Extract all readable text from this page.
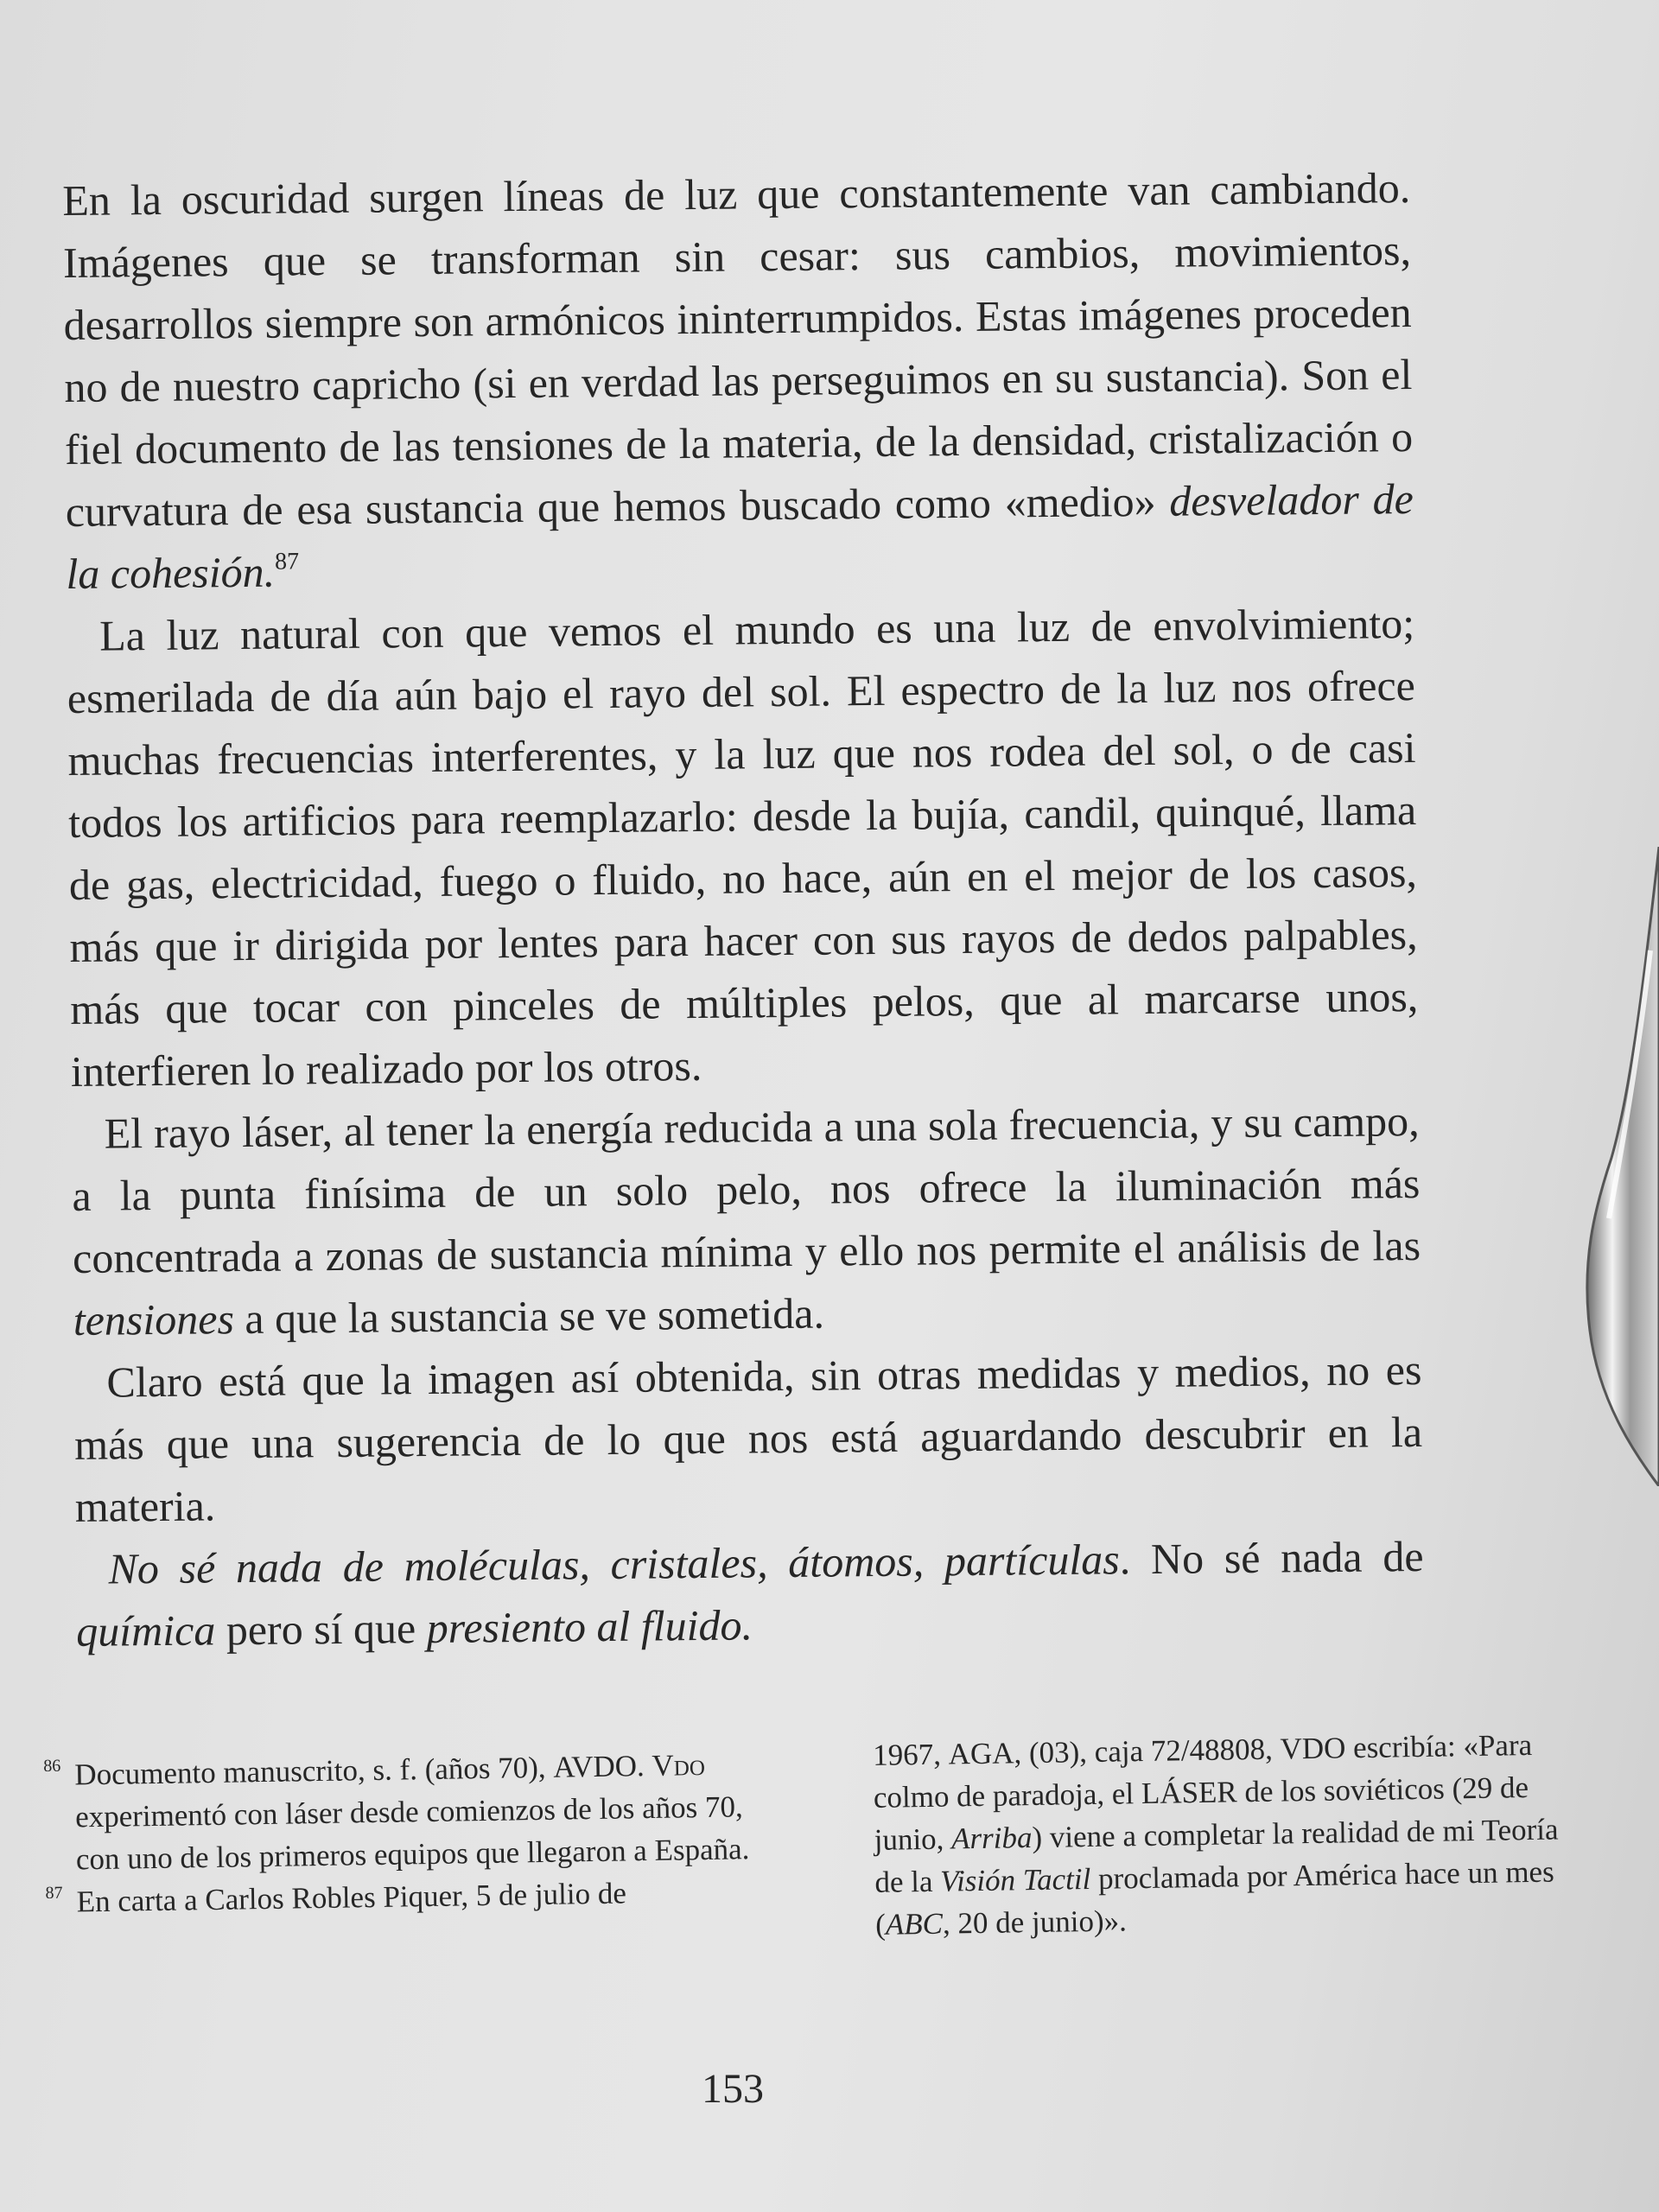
En la oscuridad surgen líneas de luz que constantemente van cambiando. Imágenes que se transforman sin cesar: sus cambios, movimientos, desarrollos siempre son armónicos ininterrumpidos. Estas imágenes proceden no de nuestro capricho (si en verdad las perseguimos en su sustancia). Son el fiel documento de las tensiones de la materia, de la densidad, cristalización o curvatura de esa sustancia que hemos buscado como «medio» desvelador de la cohesión.$^{87}$

La luz natural con que vemos el mundo es una luz de envolvimiento; esmerilada de día aún bajo el rayo del sol. El espectro de la luz nos ofrece muchas frecuencias interferentes, y la luz que nos rodea del sol, o de casi todos los artificios para reemplazarlo: desde la bujía, candil, quinqué, llama de gas, electricidad, fuego o fluido, no hace, aún en el mejor de los casos, más que ir dirigida por lentes para hacer con sus rayos de dedos palpables, más que tocar con pinceles de múltiples pelos, que al marcarse unos, interfieren lo realizado por los otros.

El rayo láser, al tener la energía reducida a una sola frecuencia, y su campo, a la punta finísima de un solo pelo, nos ofrece la iluminación más concentrada a zonas de sustancia mínima y ello nos permite el análisis de las tensiones a que la sustancia se ve sometida.

Claro está que la imagen así obtenida, sin otras medidas y medios, no es más que una sugerencia de lo que nos está aguardando descubrir en la materia.

No sé nada de moléculas, cristales, átomos, partículas. No sé nada de química pero sí que presiento al fluido.

86 Documento manuscrito, s. f. (años 70), AVDO. Vdo experimentó con láser desde comienzos de los años 70, con uno de los primeros equipos que llegaron a España.
87 En carta a Carlos Robles Piquer, 5 de julio de
1967, AGA, (03), caja 72/48808, VDO escribía: «Para colmo de paradoja, el LÁSER de los soviéticos (29 de junio, Arriba) viene a completar la realidad de mi Teoría de la Visión Tactil proclamada por América hace un mes (ABC, 20 de junio)».
153
